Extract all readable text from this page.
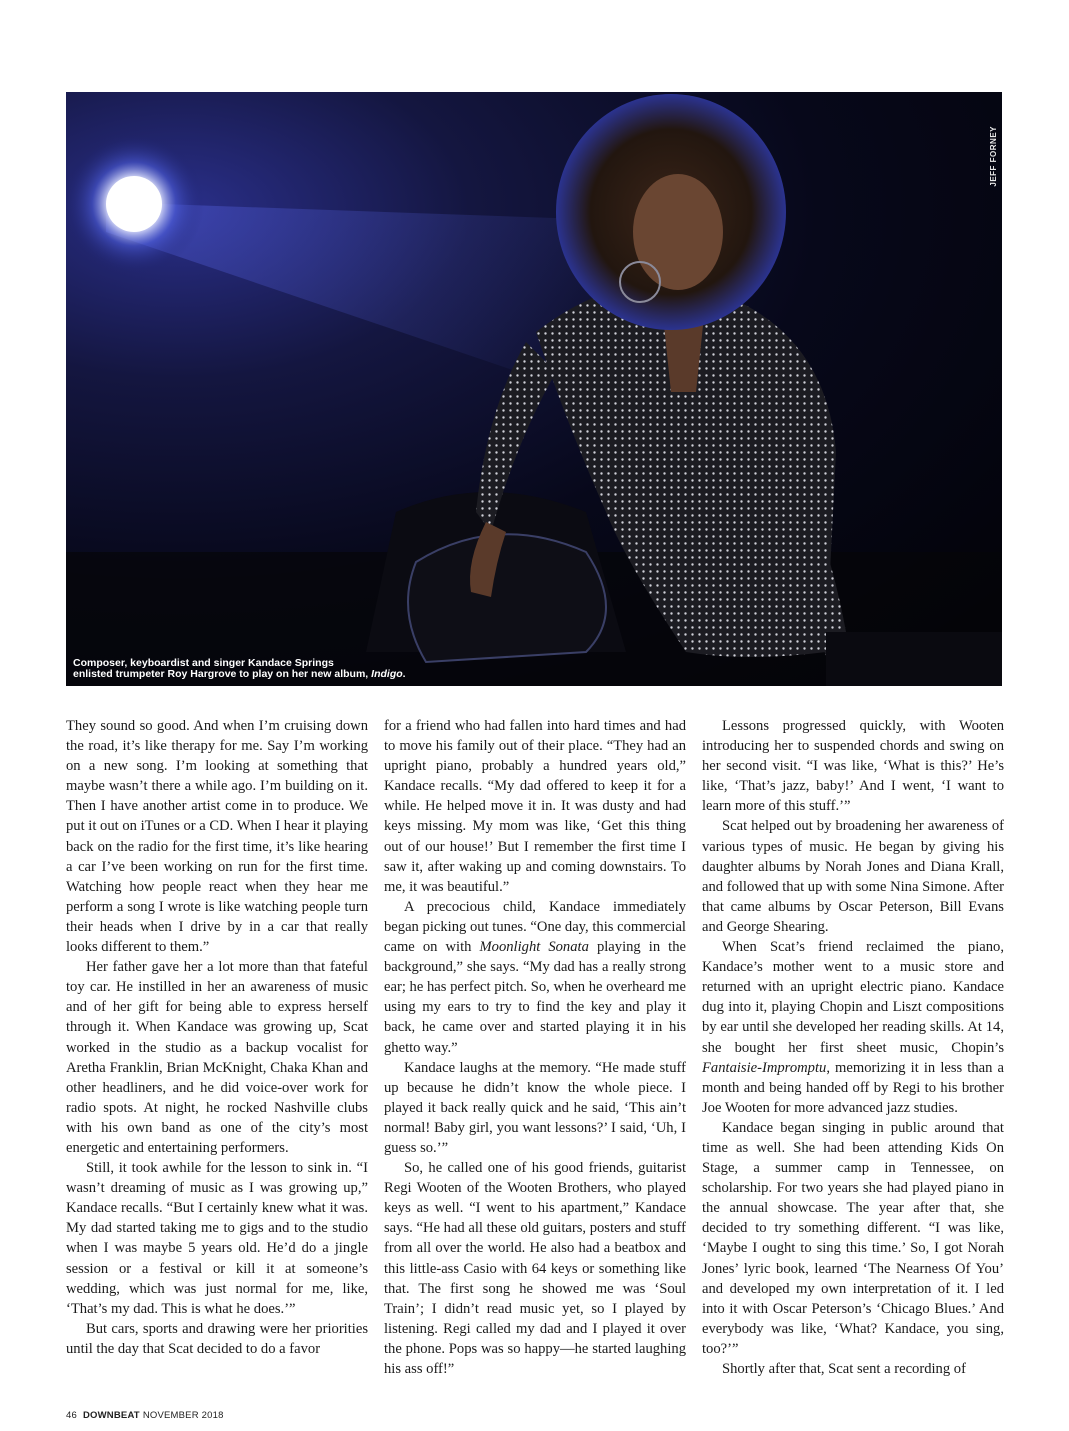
JEFF FORNEY
Composer, keyboardist and singer Kandace Springs
enlisted trumpeter Roy Hargrove to play on her new album, Indigo.

They sound so good. And when I’m cruising down the road, it’s like therapy for me. Say I’m working on a new song. I’m looking at something that maybe wasn’t there a while ago. I’m building on it. Then I have another artist come in to produce. We put it out on iTunes or a CD. When I hear it playing back on the radio for the first time, it’s like hearing a car I’ve been working on run for the first time. Watching how people react when they hear me perform a song I wrote is like watching people turn their heads when I drive by in a car that really looks different to them.”

Her father gave her a lot more than that fateful toy car. He instilled in her an awareness of music and of her gift for being able to express herself through it. When Kandace was growing up, Scat worked in the studio as a backup vocalist for Aretha Franklin, Brian McKnight, Chaka Khan and other headliners, and he did voice-over work for radio spots. At night, he rocked Nashville clubs with his own band as one of the city’s most energetic and entertaining performers.

Still, it took awhile for the lesson to sink in. “I wasn’t dreaming of music as I was growing up,” Kandace recalls. “But I certainly knew what it was. My dad started taking me to gigs and to the studio when I was maybe 5 years old. He’d do a jingle session or a festival or kill it at someone’s wedding, which was just normal for me, like, ‘That’s my dad. This is what he does.’”

But cars, sports and drawing were her priorities until the day that Scat decided to do a favor

for a friend who had fallen into hard times and had to move his family out of their place. “They had an upright piano, probably a hundred years old,” Kandace recalls. “My dad offered to keep it for a while. He helped move it in. It was dusty and had keys missing. My mom was like, ‘Get this thing out of our house!’ But I remember the first time I saw it, after waking up and coming downstairs. To me, it was beautiful.”

A precocious child, Kandace immediately began picking out tunes. “One day, this commercial came on with Moonlight Sonata playing in the background,” she says. “My dad has a really strong ear; he has perfect pitch. So, when he overheard me using my ears to try to find the key and play it back, he came over and started playing it in his ghetto way.”

Kandace laughs at the memory. “He made stuff up because he didn’t know the whole piece. I played it back really quick and he said, ‘This ain’t normal! Baby girl, you want lessons?’ I said, ‘Uh, I guess so.’”

So, he called one of his good friends, guitarist Regi Wooten of the Wooten Brothers, who played keys as well. “I went to his apartment,” Kandace says. “He had all these old guitars, posters and stuff from all over the world. He also had a beatbox and this little-ass Casio with 64 keys or something like that. The first song he showed me was ‘Soul Train’; I didn’t read music yet, so I played by listening. Regi called my dad and I played it over the phone. Pops was so happy—he started laughing his ass off!”

Lessons progressed quickly, with Wooten introducing her to suspended chords and swing on her second visit. “I was like, ‘What is this?’ He’s like, ‘That’s jazz, baby!’ And I went, ‘I want to learn more of this stuff.’”

Scat helped out by broadening her awareness of various types of music. He began by giving his daughter albums by Norah Jones and Diana Krall, and followed that up with some Nina Simone. After that came albums by Oscar Peterson, Bill Evans and George Shearing.

When Scat’s friend reclaimed the piano, Kandace’s mother went to a music store and returned with an upright electric piano. Kandace dug into it, playing Chopin and Liszt compositions by ear until she developed her reading skills. At 14, she bought her first sheet music, Chopin’s Fantaisie-Impromptu, memorizing it in less than a month and being handed off by Regi to his brother Joe Wooten for more advanced jazz studies.

Kandace began singing in public around that time as well. She had been attending Kids On Stage, a summer camp in Tennessee, on scholarship. For two years she had played piano in the annual showcase. The year after that, she decided to try something different. “I was like, ‘Maybe I ought to sing this time.’ So, I got Norah Jones’ lyric book, learned ‘The Nearness Of You’ and developed my own interpretation of it. I led into it with Oscar Peterson’s ‘Chicago Blues.’ And everybody was like, ‘What? Kandace, you sing, too?’”

Shortly after that, Scat sent a recording of

46 DOWNBEAT NOVEMBER 2018
